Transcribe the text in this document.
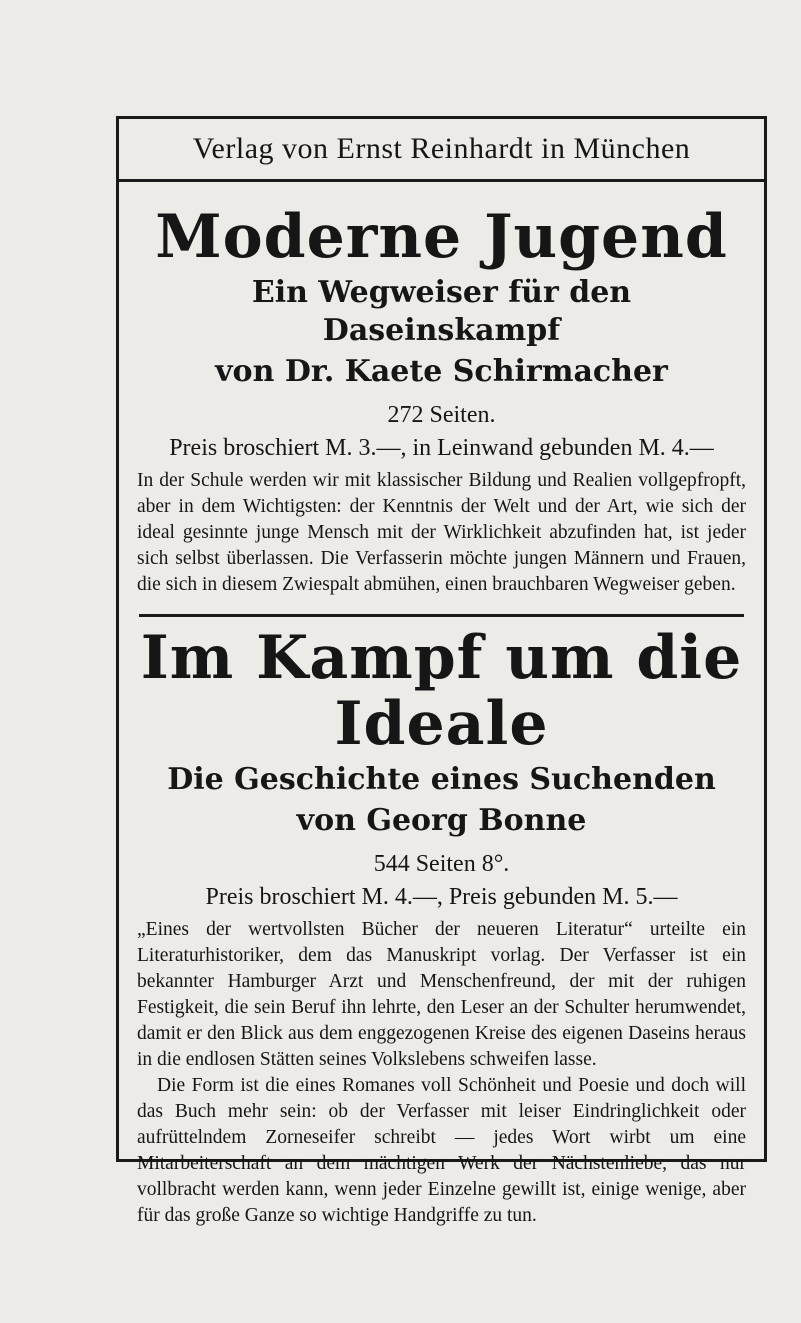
Verlag von Ernst Reinhardt in München
Moderne Jugend
Ein Wegweiser für den Daseinskampf
von Dr. Kaete Schirmacher
272 Seiten.
Preis broschiert M. 3.—, in Leinwand gebunden M. 4.—

In der Schule werden wir mit klassischer Bildung und Realien vollgepfropft, aber in dem Wichtigsten: der Kenntnis der Welt und der Art, wie sich der ideal gesinnte junge Mensch mit der Wirklichkeit abzufinden hat, ist jeder sich selbst überlassen. Die Verfasserin möchte jungen Männern und Frauen, die sich in diesem Zwiespalt abmühen, einen brauchbaren Wegweiser geben.

Im Kampf um die Ideale
Die Geschichte eines Suchenden
von Georg Bonne
544 Seiten 8°.
Preis broschiert M. 4.—, Preis gebunden M. 5.—

„Eines der wertvollsten Bücher der neueren Literatur“ urteilte ein Literaturhistoriker, dem das Manuskript vorlag. Der Verfasser ist ein bekannter Hamburger Arzt und Menschenfreund, der mit der ruhigen Festigkeit, die sein Beruf ihn lehrte, den Leser an der Schulter herumwendet, damit er den Blick aus dem enggezogenen Kreise des eigenen Daseins heraus in die endlosen Stätten seines Volkslebens schweifen lasse.

Die Form ist die eines Romanes voll Schönheit und Poesie und doch will das Buch mehr sein: ob der Verfasser mit leiser Eindringlichkeit oder aufrüttelndem Zorneseifer schreibt — jedes Wort wirbt um eine Mitarbeiterschaft an dem mächtigen Werk der Nächstenliebe, das nur vollbracht werden kann, wenn jeder Einzelne gewillt ist, einige wenige, aber für das große Ganze so wichtige Handgriffe zu tun.
